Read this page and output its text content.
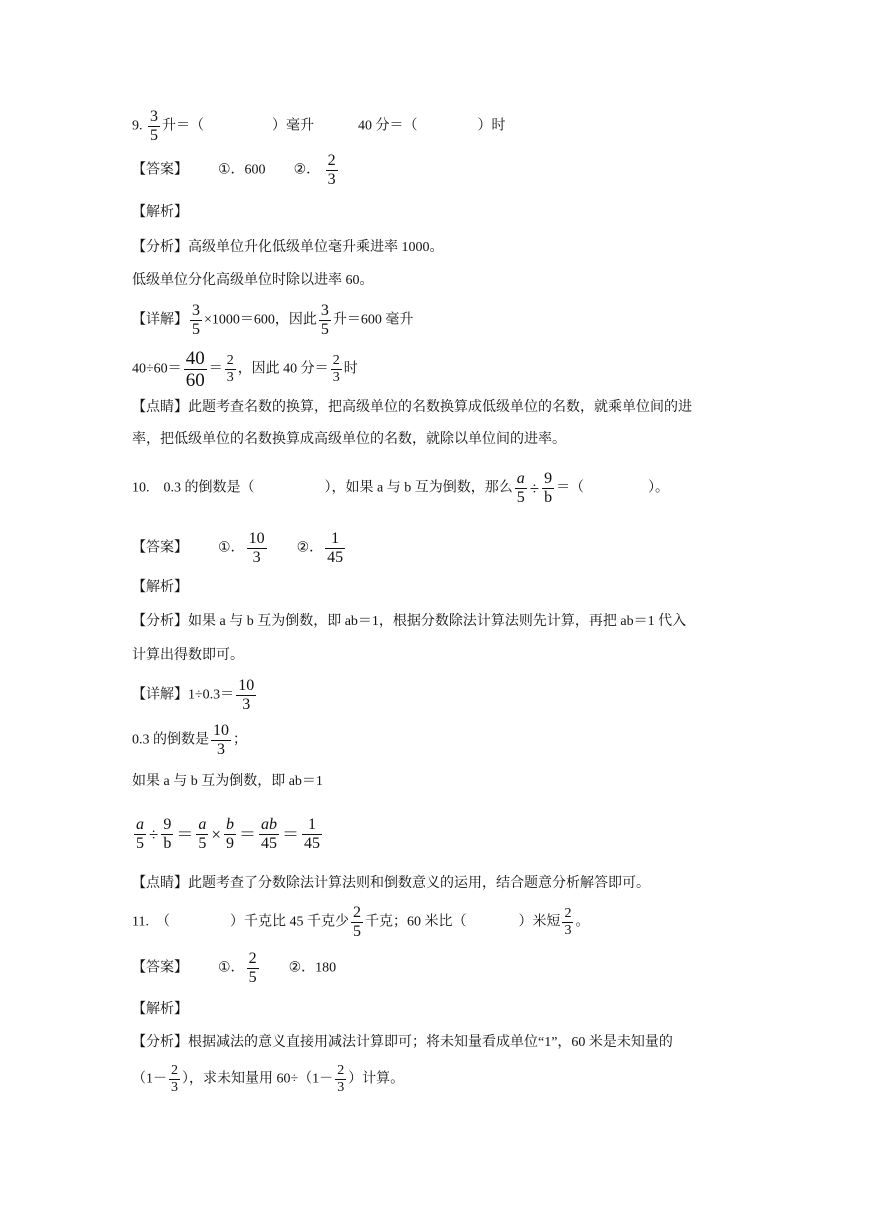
9. $\frac{3}{5}$ 升＝（	）毫升	40 分＝（	）时
【答案】 ①．600 ②． $\frac{2}{3}$
【解析】
【分析】高级单位升化低级单位毫升乘进率 1000。
低级单位分化高级单位时除以进率 60。
【详解】 $\frac{3}{5} \times 1000=600$，因此 $\frac{3}{5}$ 升＝600 毫升
$40\div 60= \frac{40}{60} = \frac{2}{3}$ ，因此 40 分＝ $\frac{2}{3}$ 时
【点睛】此题考查名数的换算，把高级单位的名数换算成低级单位的名数，就乘单位间的进
率，把低级单位的名数换算成高级单位的名数，就除以单位间的进率。
10.　0.3 的倒数是（	），如果 a 与 b 互为倒数，那么 $\frac{a}{5} \div \frac{9}{b}$ ＝（	）。
【答案】 ①． $\frac{10}{3}$ ②． $\frac{1}{45}$
【解析】
【分析】如果 a 与 b 互为倒数，即 ab＝1，根据分数除法计算法则先计算，再把 ab＝1 代入
计算出得数即可。
【详解】$1\div 0.3= \frac{10}{3}$
0.3 的倒数是 $\frac{10}{3}$ ；
如果 a 与 b 互为倒数，即 ab＝1
$\frac{a}{5} \div \frac{9}{b} = \frac{a}{5} \times \frac{b}{9} = \frac{ab}{45} = \frac{1}{45}$
【点睛】此题考查了分数除法计算法则和倒数意义的运用，结合题意分析解答即可。
11.　（	）千克比 45 千克少 $\frac{2}{5}$ 千克；60 米比（	）米短 $\frac{2}{3}$ 。
【答案】 ①． $\frac{2}{5}$ ②．180
【解析】
【分析】根据减法的意义直接用减法计算即可；将未知量看成单位“1”，60 米是未知量的
（$1- \frac{2}{3}$ ），求未知量用 $60\div(1- \frac{2}{3}$ ）计算。
